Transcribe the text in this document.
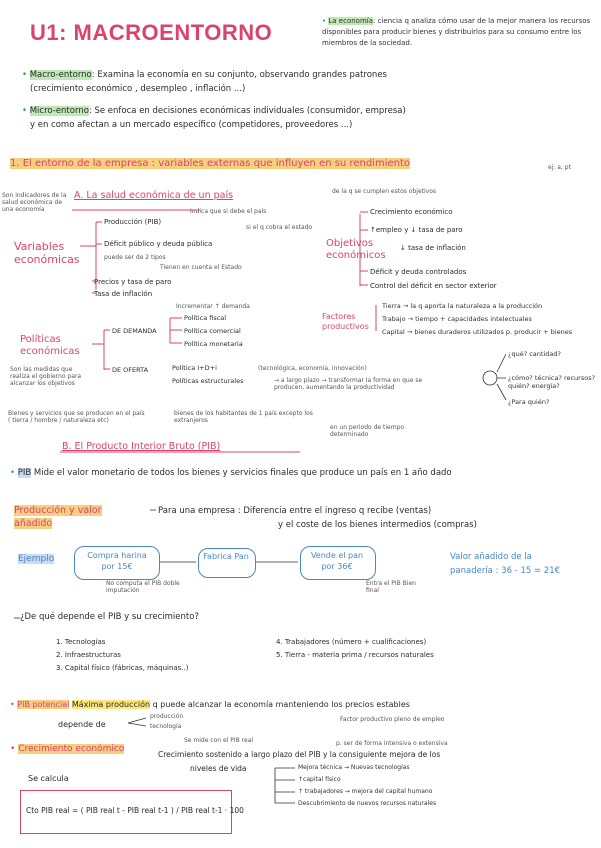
U1: MACROENTORNO	• La economía: ciencia q analiza cómo usar de la mejor manera los recursos disponibles para producir bienes y distribuirlos para su consumo entre los miembros de la sociedad.
• Macro-entorno: Examina la economía en su conjunto, observando grandes patrones
(crecimiento económico , desempleo , inflación ...)
• Micro-entorno: Se enfoca en decisiones económicas individuales (consumidor, empresa)
y en como afectan a un mercado específico (competidores, proveedores ...)
1. El entorno de la empresa : variables externas que influyen en su rendimiento	ej: a, pt
A. La salud económica de un país
Son indicadores de la salud económica de una economía
Variables económicas
Producción (PIB)
Déficit público y deuda pública
Precios y tasa de paro
Tasa de inflación
Indica que si debe el país
puede ser de 2 tipos
si el q cobra el estado
Tienen en cuenta el Estado
de la q se cumplen estos objetivos
Objetivos económicos
Crecimiento económico
↑empleo y ↓ tasa de paro
↓ tasa de inflación
Déficit y deuda controlados
Control del déficit en sector exterior
Políticas económicas
Son las medidas que realiza el gobierno para alcanzar los objetivos
DE DEMANDA
Incrementar ↑ demanda
Política fiscal
Política comercial
Política monetaria
DE OFERTA	Política I+D+i
Políticas estructurales
(tecnológica, economía, innovación)
→ a largo plazo → transformar la forma en que se producen, aumentando la productividad
Factores productivos
Tierra → la q aporta la naturaleza a la producción
Trabajo → tiempo + capacidades intelectuales
Capital → bienes duraderos utilizados p. producir + bienes
¿qué? cantidad?
¿cómo? técnica? recursos? quién? energía?
¿Para quién?
Bienes y servicios que se producen en el país ( tierra / hombre / naturaleza etc)
bienes de los habitantes de 1 país excepto los extranjeros
en un periodo de tiempo determinado
B. El Producto Interior Bruto (PIB)
• PIB Mide el valor monetario de todos los bienes y servicios finales que produce un país en 1 año dado
Producción y valor añadido
Para una empresa : Diferencia entre el ingreso q recibe (ventas)
y el coste de los bienes intermedios (compras)
Ejemplo	Compra harina por 15€
Fabrica Pan	Vende el pan por 36€
No computa el PIB doble imputación
Entra el PIB Bien final
Valor añadido de la
panadería : 36 - 15 = 21€
¿De qué depende el PIB y su crecimiento?
1. Tecnologías
2. Infraestructuras
3. Capital físico (fábricas, máquinas..)
4. Trabajadores (número + cualificaciones)
5. Tierra - materia prima / recursos naturales
• PIB potencial Máxima producción q puede alcanzar la economía manteniendo los precios estables
depende de
producción
tecnología
Factor productivo pleno de empleo
Se mide con el PIB real	p. ser de forma intensiva o extensiva
• Crecimiento económico
Crecimiento sostenido a largo plazo del PIB y la consiguiente mejora de los
niveles de vida	Mejora técnica → Nuevas tecnologías
↑capital físico
↑ trabajadores → mejora del capital humano
Descubrimiento de nuevos recursos naturales
Se calcula
Cto PIB real = ( PIB real t - PIB real t-1 ) / PIB real t-1 · 100
